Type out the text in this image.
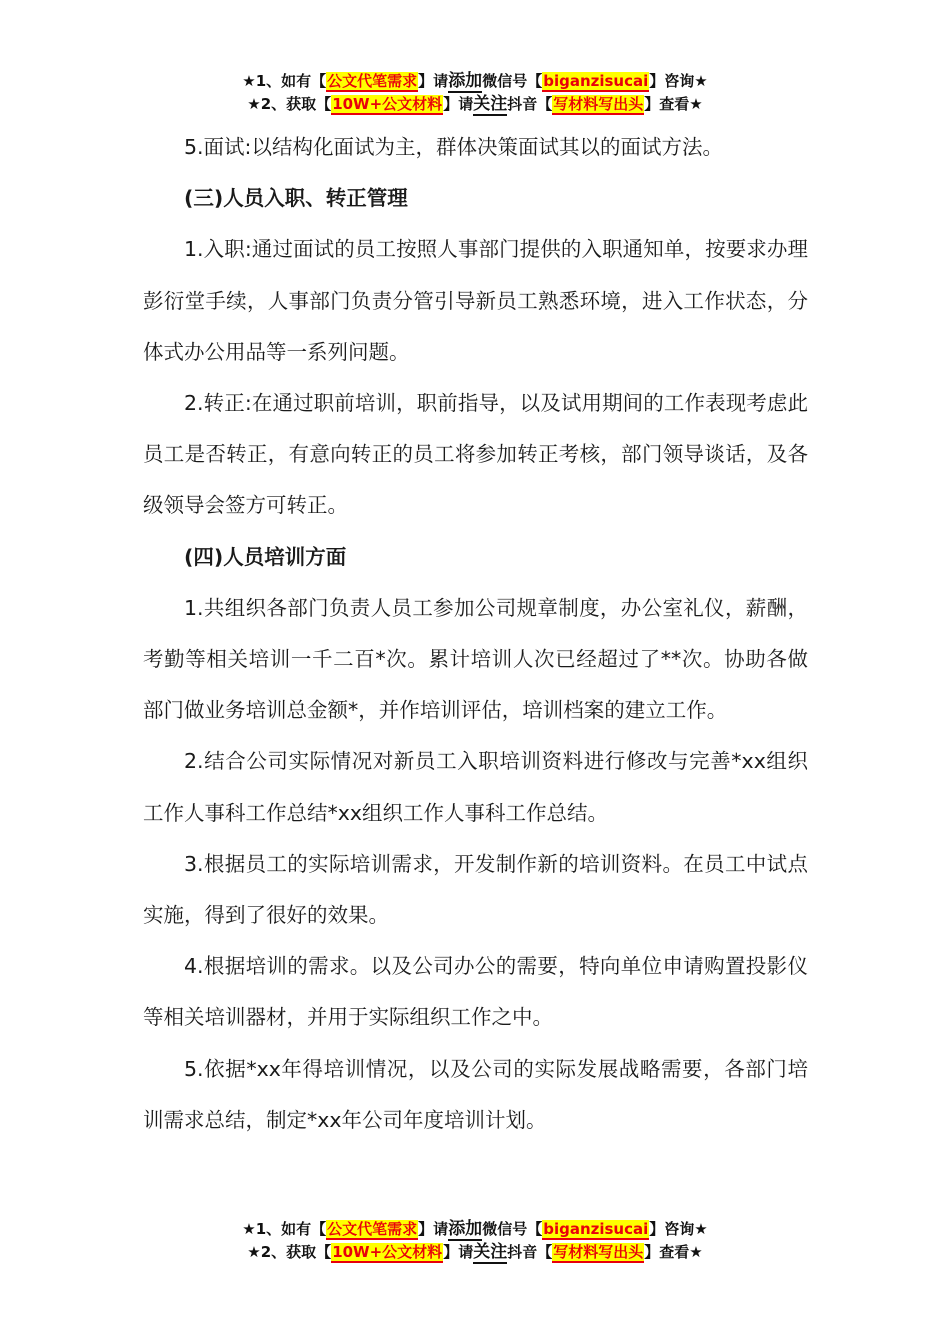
★1、如有【公文代笔需求】请添加微信号【biganzisucai】咨询★
★2、获取【10W+公文材料】请关注抖音【写材料写出头】查看★

5.面试:以结构化面试为主，群体决策面试其以的面试方法。

(三)人员入职、转正管理

1.入职:通过面试的员工按照人事部门提供的入职通知单，按要求办理彭衍堂手续，人事部门负责分管引导新员工熟悉环境，进入工作状态，分体式办公用品等一系列问题。

2.转正:在通过职前培训，职前指导，以及试用期间的工作表现考虑此员工是否转正，有意向转正的员工将参加转正考核，部门领导谈话，及各级领导会签方可转正。

(四)人员培训方面

1.共组织各部门负责人员工参加公司规章制度，办公室礼仪，薪酬，考勤等相关培训一千二百*次。累计培训人次已经超过了**次。协助各做部门做业务培训总金额*，并作培训评估，培训档案的建立工作。

2.结合公司实际情况对新员工入职培训资料进行修改与完善*xx组织工作人事科工作总结*xx组织工作人事科工作总结。

3.根据员工的实际培训需求，开发制作新的培训资料。在员工中试点实施，得到了很好的效果。

4.根据培训的需求。以及公司办公的需要，特向单位申请购置投影仪等相关培训器材，并用于实际组织工作之中。

5.依据*xx年得培训情况，以及公司的实际发展战略需要，各部门培训需求总结，制定*xx年公司年度培训计划。

★1、如有【公文代笔需求】请添加微信号【biganzisucai】咨询★
★2、获取【10W+公文材料】请关注抖音【写材料写出头】查看★
